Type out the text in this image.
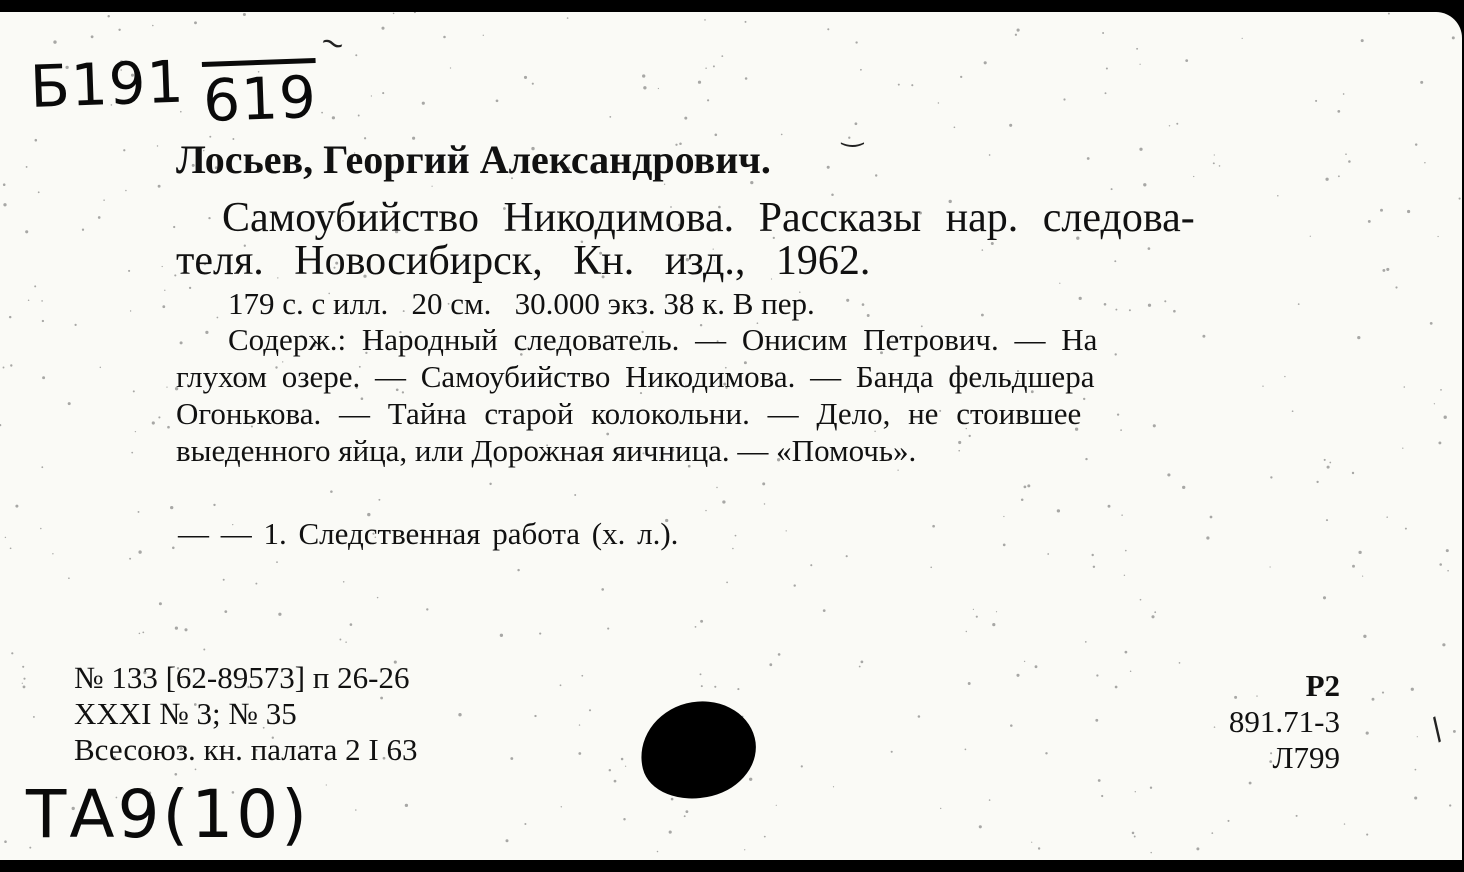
Б191 619
Лосьев, Георгий Александрович.
Самоубийство Никодимова. Рассказы нар. следова-
теля. Новосибирск, Кн. изд., 1962.
179 с. с илл.   20 см.   30.000 экз. 38 к. В пер.
Содерж.: Народный следователь. — Онисим Петрович. — На
глухом озере. — Самоубийство Никодимова. — Банда фельдшера
Огонькова. — Тайна старой колокольни. — Дело, не стоившее
выеденного яйца, или Дорожная яичница. — «Помочь».
— — 1. Следственная работа (х. л.).
№ 133 [62-89573] п 26-26
XXXI № 3; № 35
Всесоюз. кн. палата 2 I 63
Р2
891.71-3
Л799
ТА9(10)
~
‿
/
